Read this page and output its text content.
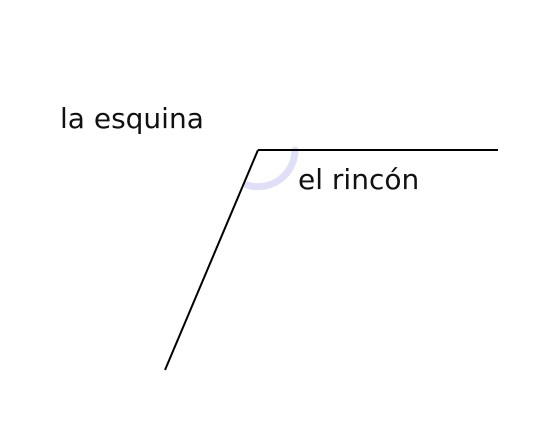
la esquina
el rincón
